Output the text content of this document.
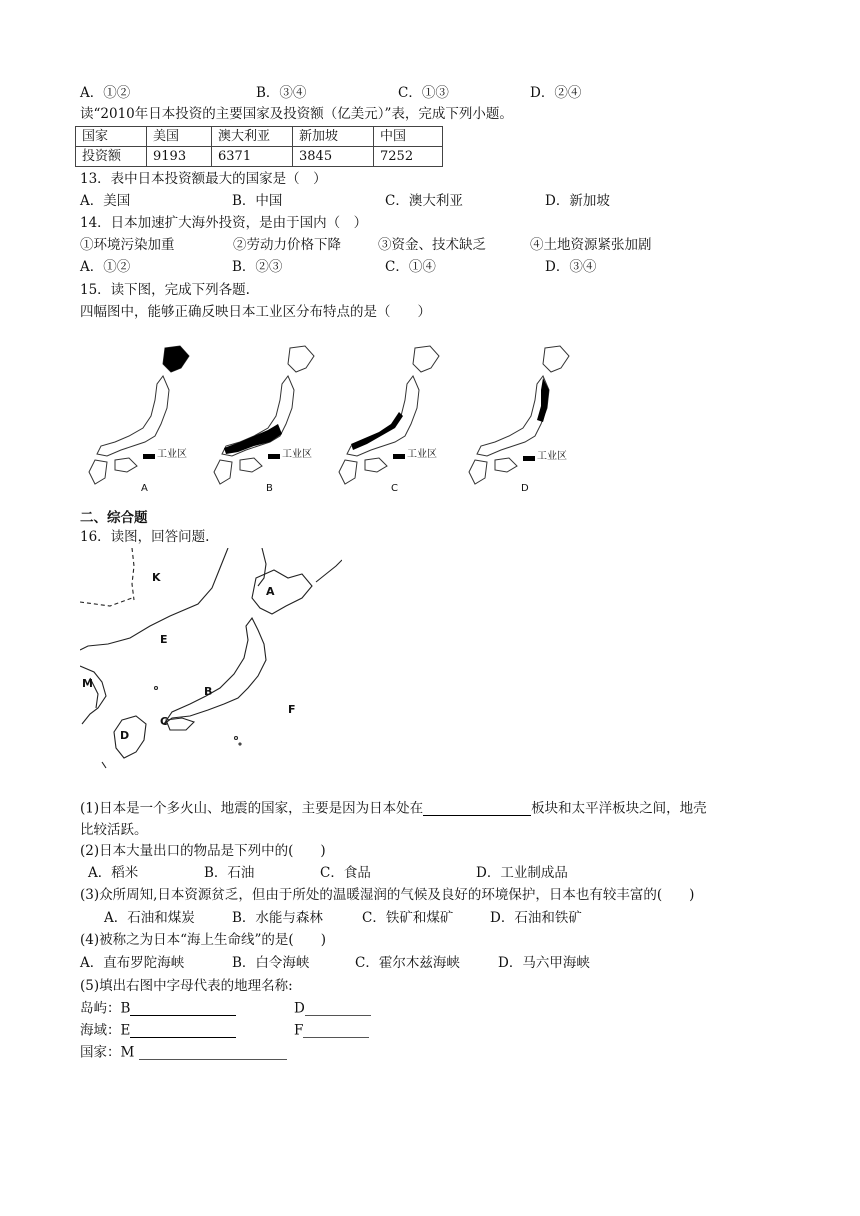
A．①②	B．③④	C．①③	D．②④
读“2010年日本投资的主要国家及投资额（亿美元）”表，完成下列小题。
国家	美国	澳大利亚	新加坡	中国
投资额	9193	6371	3845	7252
13．表中日本投资额最大的国家是（　）
A．美国	B．中国	C．澳大利亚	D．新加坡
14．日本加速扩大海外投资，是由于国内（　）
①环境污染加重	②劳动力价格下降	③资金、技术缺乏	④土地资源紧张加剧
A．①②	B．②③	C．①④	D．③④
15．读下图，完成下列各题.
四幅图中，能够正确反映日本工业区分布特点的是（　　）
工业区
A
工业区
B
工业区
C
工业区
D
二、综合题
16．读图，回答问题.
K
A
E
M
B
F
C
D
(1)日本是一个多火山、地震的国家，主要是因为日本处在	板块和太平洋板块之间，地壳
比较活跃。
(2)日本大量出口的物品是下列中的(　　)
A．稻米	B．石油	C．食品	D．工业制成品
(3)众所周知,日本资源贫乏，但由于所处的温暖湿润的气候及良好的环境保护，日本也有较丰富的(　　)
A．石油和煤炭	B．水能与森林	C．铁矿和煤矿	D．石油和铁矿
(4)被称之为日本“海上生命线”的是(　　)
A．直布罗陀海峡	B．白令海峡	C．霍尔木兹海峡	D．马六甲海峡
(5)填出右图中字母代表的地理名称:
岛屿：B	D
海域：E	F
国家：M
